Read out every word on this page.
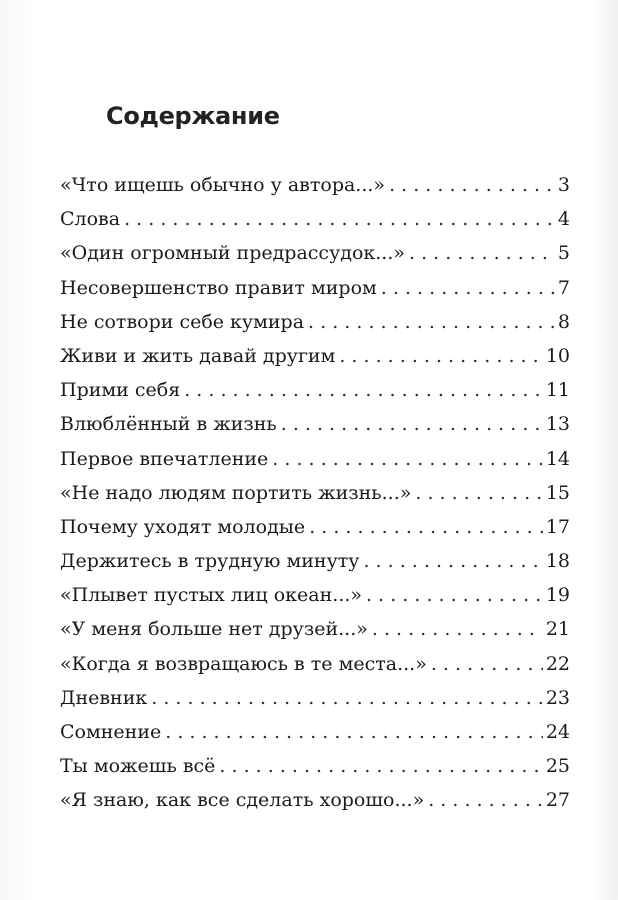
Содержание
«Что ищешь обычно у автора...» . . .	3
Слова . . .	4
«Один огромный предрассудок...» . . .	5
Несовершенство правит миром . . .	7
Не сотвори себе кумира . . .	8
Живи и жить давай другим . . .	10
Прими себя . . .	11
Влюблённый в жизнь . . .	13
Первое впечатление . . .	14
«Не надо людям портить жизнь...» . . .	15
Почему уходят молодые . . .	17
Держитесь в трудную минуту . . .	18
«Плывет пустых лиц океан...» . . .	19
«У меня больше нет друзей...» . . .	21
«Когда я возвращаюсь в те места...» . . .	22
Дневник . . .	23
Сомнение . . .	24
Ты можешь всё . . .	25
«Я знаю, как все сделать хорошо...» . . .	27
